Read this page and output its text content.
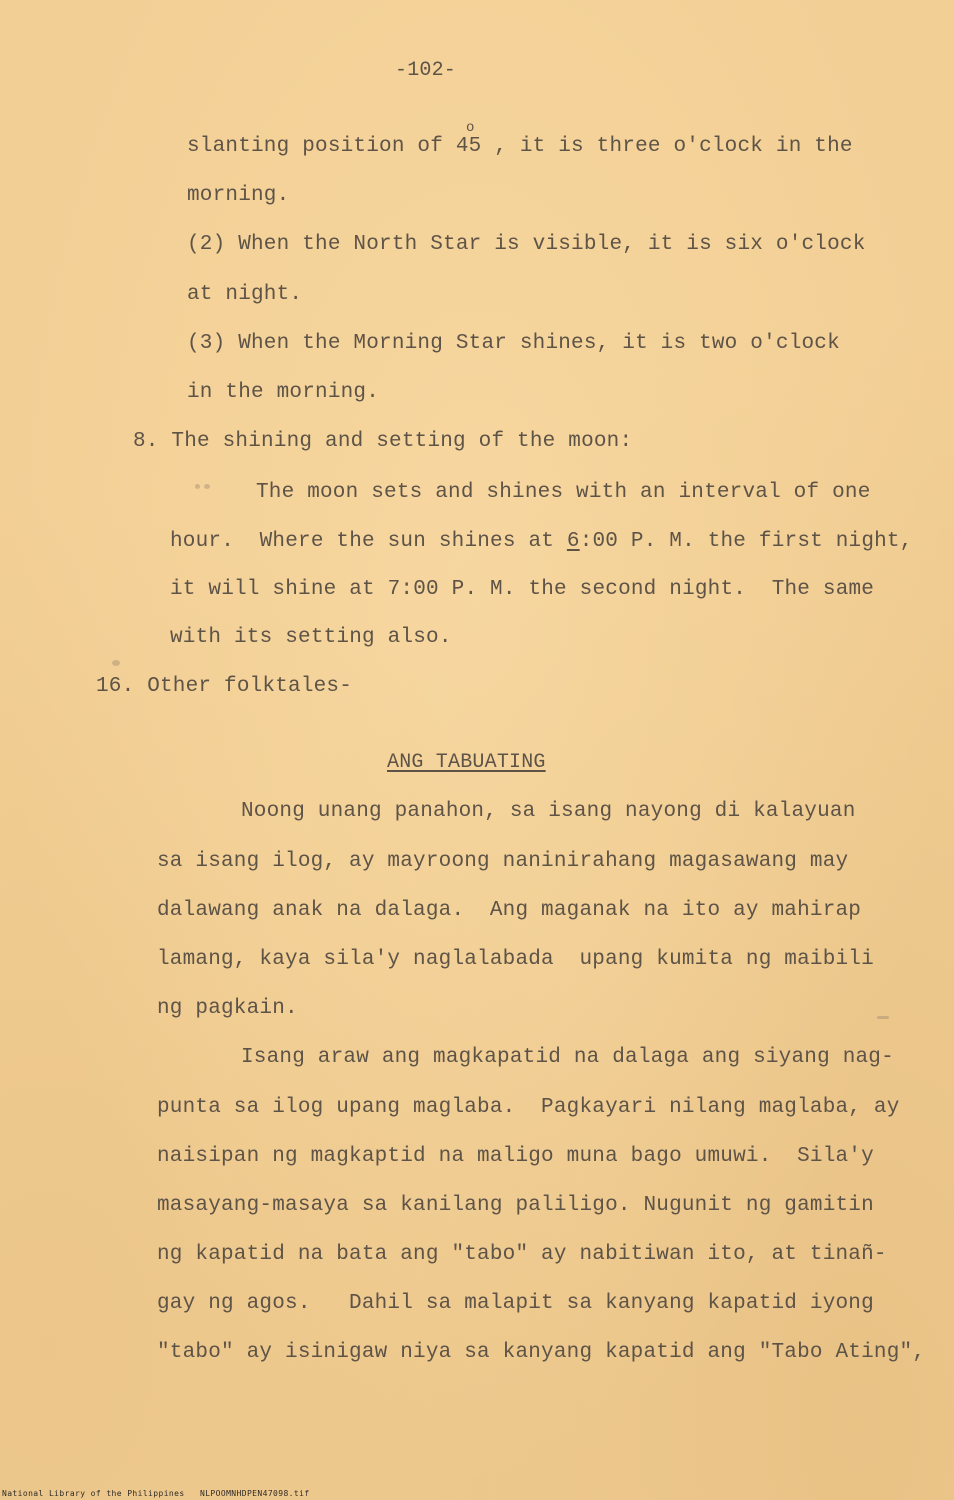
-102-
slanting position of 45 , it is three o'clock in the
o
morning.
(2) When the North Star is visible, it is six o'clock
at night.
(3) When the Morning Star shines, it is two o'clock
in the morning.
8. The shining and setting of the moon:
The moon sets and shines with an interval of one
hour.  Where the sun shines at 6:00 P. M. the first night,
it will shine at 7:00 P. M. the second night.  The same
with its setting also.
16. Other folktales-
ANG TABUATING
Noong unang panahon, sa isang nayong di kalayuan
sa isang ilog, ay mayroong naninirahang magasawang may
dalawang anak na dalaga.  Ang maganak na ito ay mahirap
lamang, kaya sila'y naglalabada  upang kumita ng maibili
ng pagkain.
Isang araw ang magkapatid na dalaga ang siyang nag-
punta sa ilog upang maglaba.  Pagkayari nilang maglaba, ay
naisipan ng magkaptid na maligo muna bago umuwi.  Sila'y
masayang-masaya sa kanilang paliligo. Nugunit ng gamitin
ng kapatid na bata ang "tabo" ay nabitiwan ito, at tinañ-
gay ng agos.   Dahil sa malapit sa kanyang kapatid iyong
"tabo" ay isinigaw niya sa kanyang kapatid ang "Tabo Ating",
National Library of the Philippines NLPOOMNHDPEN47098.tif
